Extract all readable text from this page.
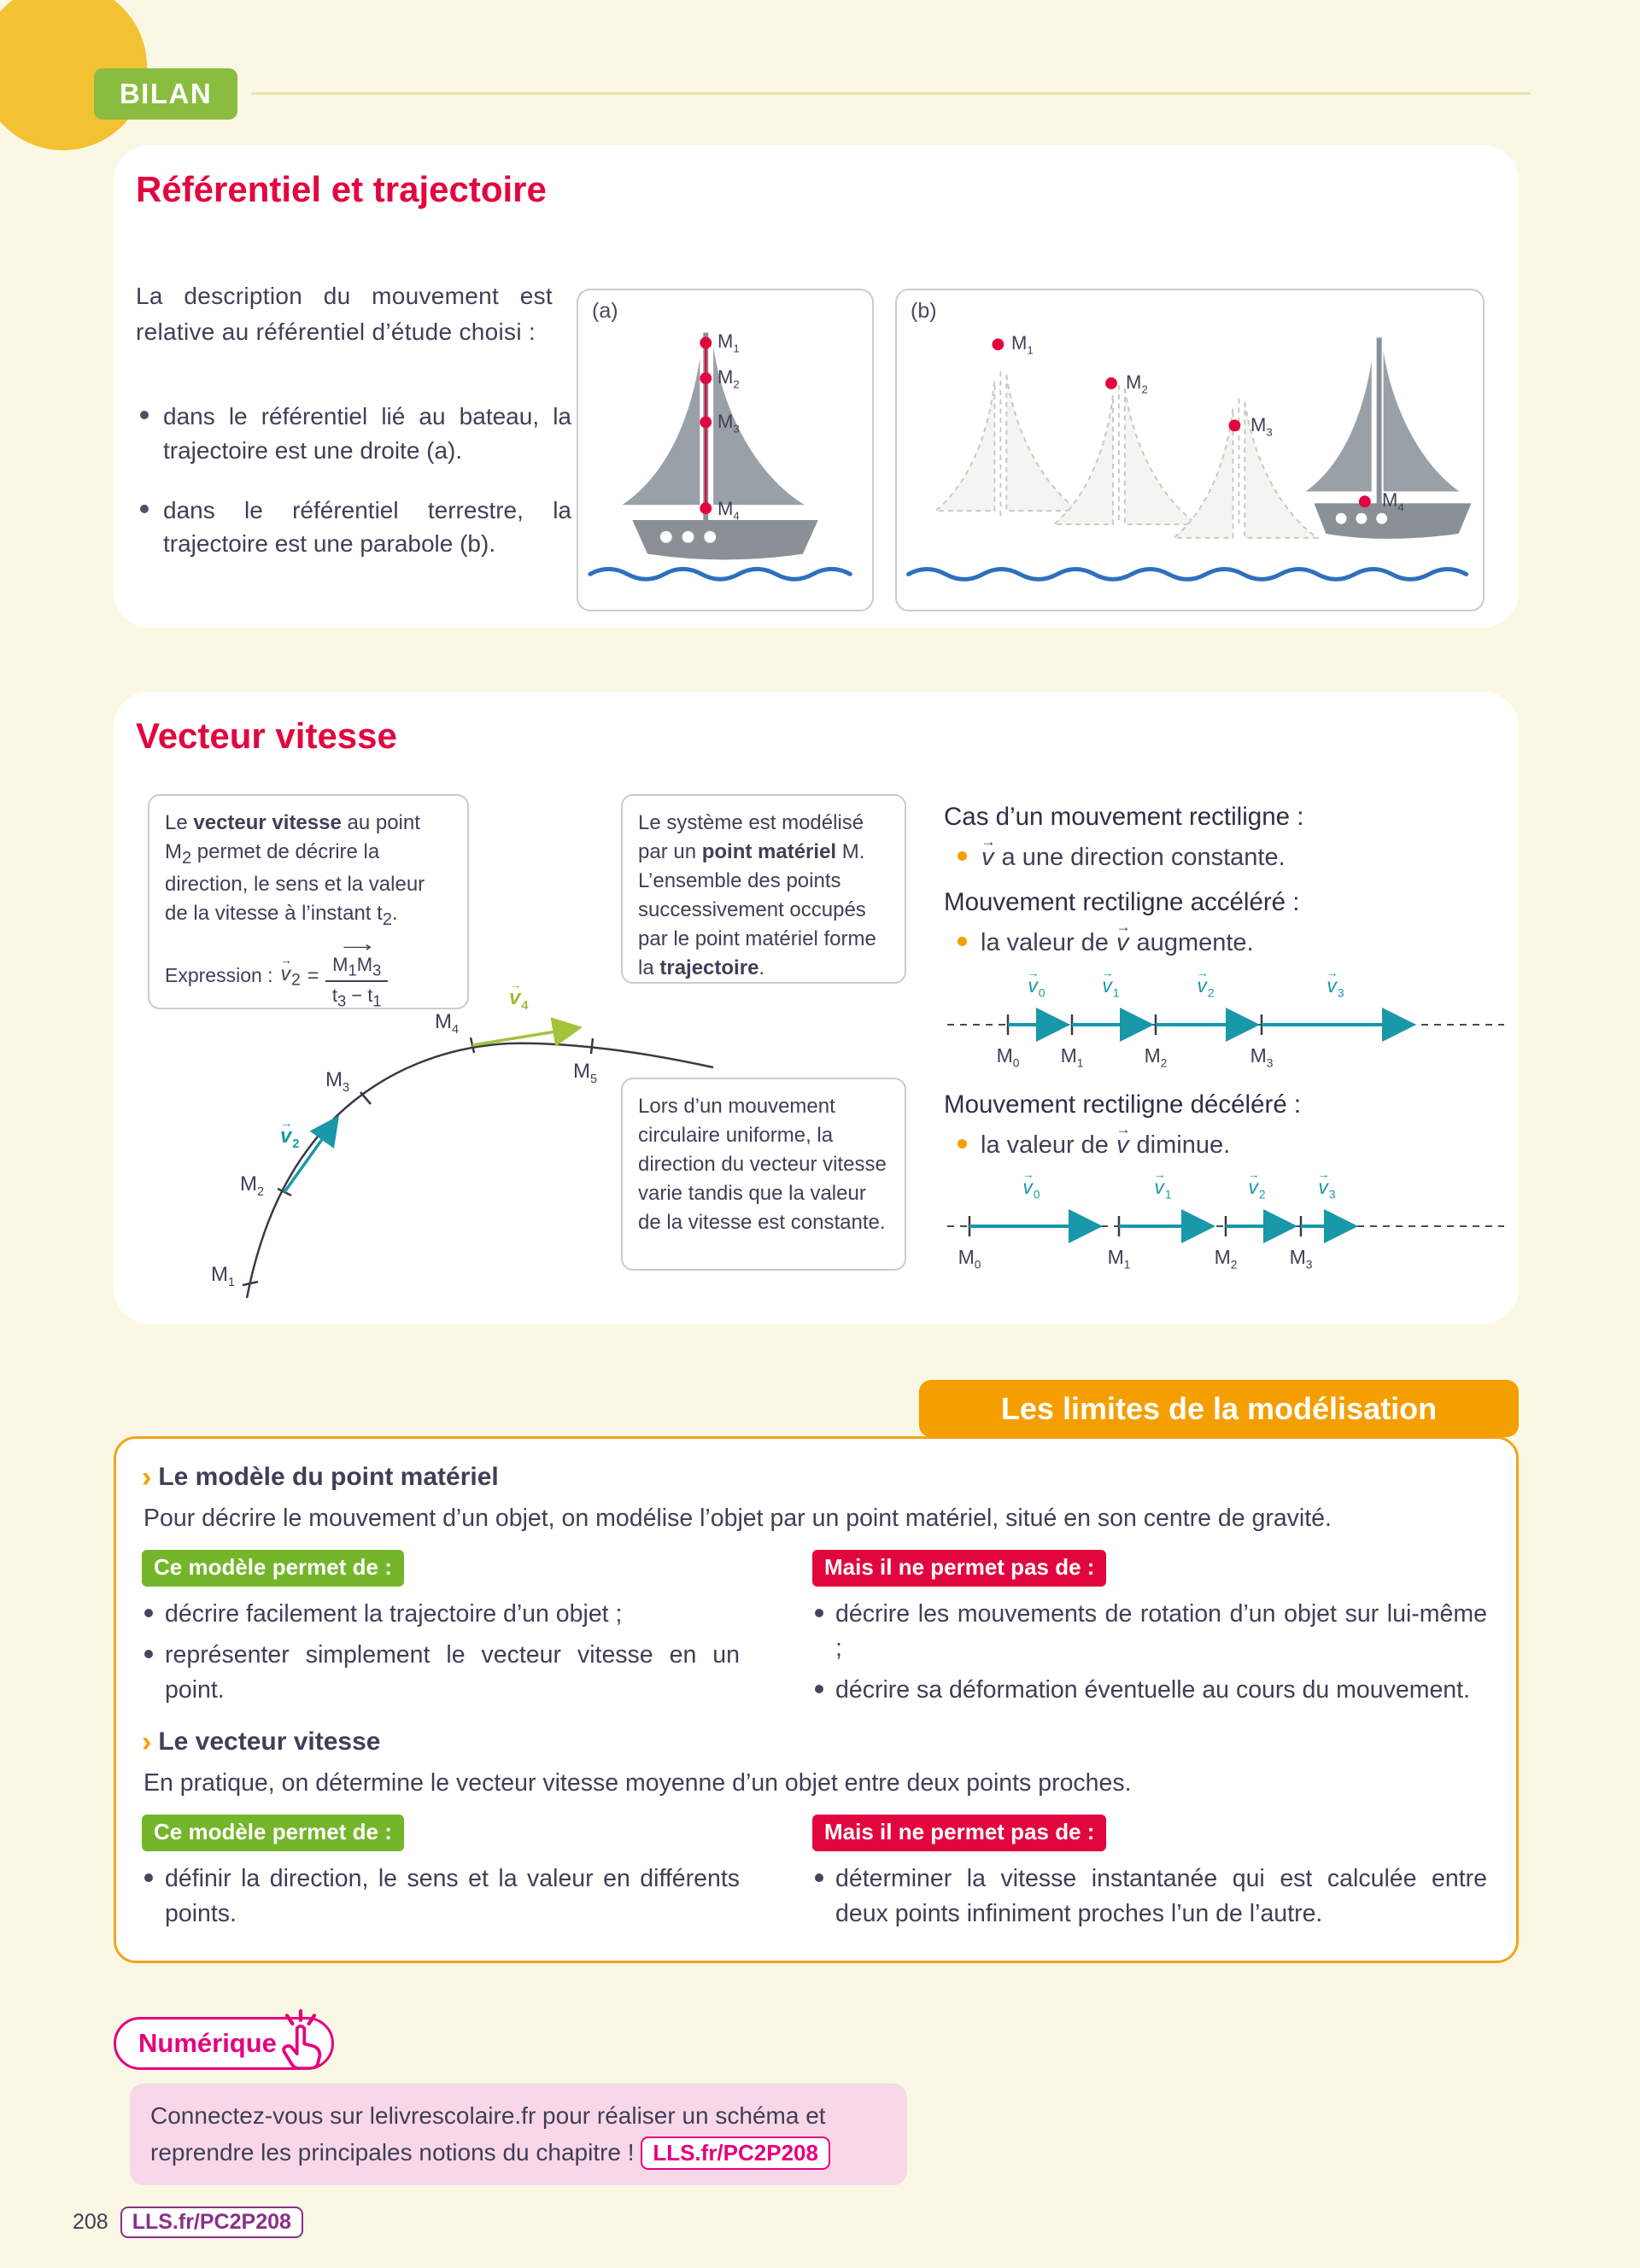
BILAN
Référentiel et trajectoire

La description du mouvement est relative au référentiel d’étude choisi :

dans le référentiel lié au bateau, la trajectoire est une droite (a).
dans le référentiel terrestre, la trajectoire est une parabole (b).
(a)
$M_1$
$M_2$
$M_3$
$M_4$
(b)
$M_1$
$M_2$
$M_3$
$M_4$
Vecteur vitesse

Le vecteur vitesse au point $M_2$ permet de décrire la direction, le sens et la valeur de la vitesse à l’instant $t_2$.

Expression : $v \to_2$ = ⟶ $\frac{M_1M_3}{t_3 - t_1}$

Le système est modélisé par un point matériel M. L’ensemble des points successivement occupés par le point matériel forme la trajectoire.

Lors d’un mouvement circulaire uniforme, la direction du vecteur vitesse varie tandis que la valeur de la vitesse est constante.

$M_1$
$M_2$
$M_3$
$M_4$
$M_5$
$v \to_2$
$v \to_4$
Cas d’un mouvement rectiligne :
v → a une direction constante.
Mouvement rectiligne accéléré :
la valeur de v → augmente.
$v \to_0$	$v \to_1$	$v \to_2$	$v \to_3$
$M_0$ $M_1$	$M_2$	$M_3$
Mouvement rectiligne décéléré :
la valeur de v → diminue.
$v \to_0$	$v \to_1$	$v \to_2$	$v \to_3$
$M_0$	$M_1$	$M_2$	$M_3$
Les limites de la modélisation
› Le modèle du point matériel

Pour décrire le mouvement d’un objet, on modélise l’objet par un point matériel, situé en son centre de gravité.

Ce modèle permet de :
décrire facilement la trajectoire d’un objet ;
représenter simplement le vecteur vitesse en un point.
Mais il ne permet pas de :
décrire les mouvements de rotation d’un objet sur lui-même ;
décrire sa déformation éventuelle au cours du mouvement.
› Le vecteur vitesse

En pratique, on détermine le vecteur vitesse moyenne d’un objet entre deux points proches.

Ce modèle permet de :
définir la direction, le sens et la valeur en différents points.
Mais il ne permet pas de :
déterminer la vitesse instantanée qui est calculée entre deux points infiniment proches l’un de l’autre.
Numérique
Connectez-vous sur lelivrescolaire.fr pour réaliser un schéma et reprendre les principales notions du chapitre ! LLS.fr/PC2P208
208	LLS.fr/PC2P208
